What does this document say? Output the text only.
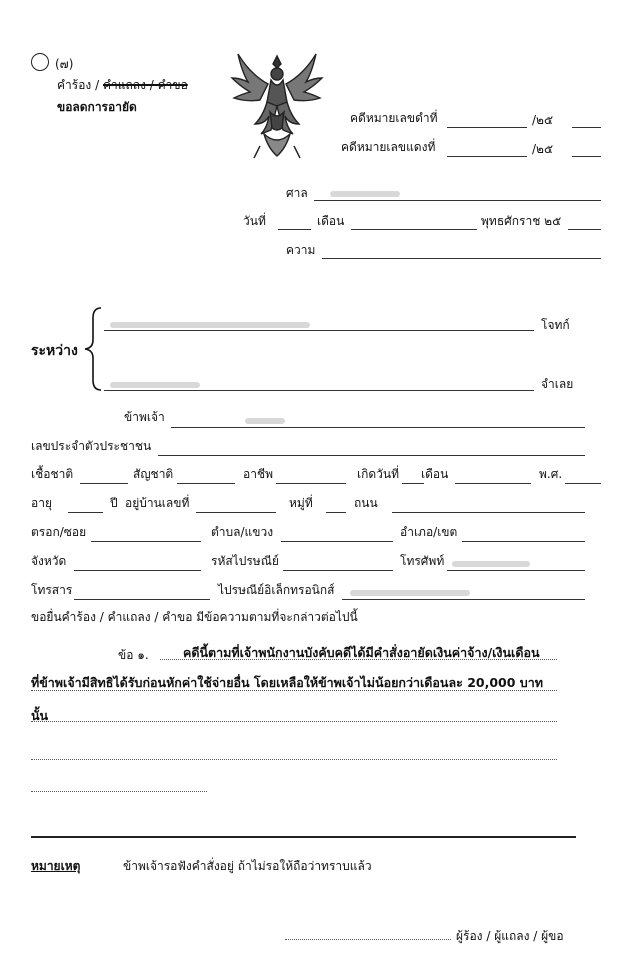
(๗)
คำร้อง / คำแถลง / คำขอ
ขอลดการอายัด
คดีหมายเลขดำที่	/๒๕
คดีหมายเลขแดงที่	/๒๕
ศาล
วันที่	เดือน	พุทธศักราช ๒๕
ความ
ระหว่าง
โจทก์
จำเลย
ข้าพเจ้า
เลขประจำตัวประชาชน
เชื้อชาติ	สัญชาติ	อาชีพ	เกิดวันที่ เดือน	พ.ศ.
อายุ	ปี อยู่บ้านเลขที่	หมู่ที่	ถนน
ตรอก/ซอย	ตำบล/แขวง	อำเภอ/เขต
จังหวัด	รหัสไปรษณีย์	โทรศัพท์
โทรสาร	ไปรษณีย์อิเล็กทรอนิกส์
ขอยื่นคำร้อง / คำแถลง / คำขอ มีข้อความตามที่จะกล่าวต่อไปนี้
ข้อ ๑.	คดีนี้ตามที่เจ้าพนักงานบังคับคดีได้มีคำสั่งอายัดเงินค่าจ้าง/เงินเดือน
ที่ข้าพเจ้ามีสิทธิได้รับก่อนหักค่าใช้จ่ายอื่น โดยเหลือให้ข้าพเจ้าไม่น้อยกว่าเดือนละ 20,000 บาท
นั้น
หมายเหตุ	ข้าพเจ้ารอฟังคำสั่งอยู่ ถ้าไม่รอให้ถือว่าทราบแล้ว
ผู้ร้อง / ผู้แถลง / ผู้ขอ
